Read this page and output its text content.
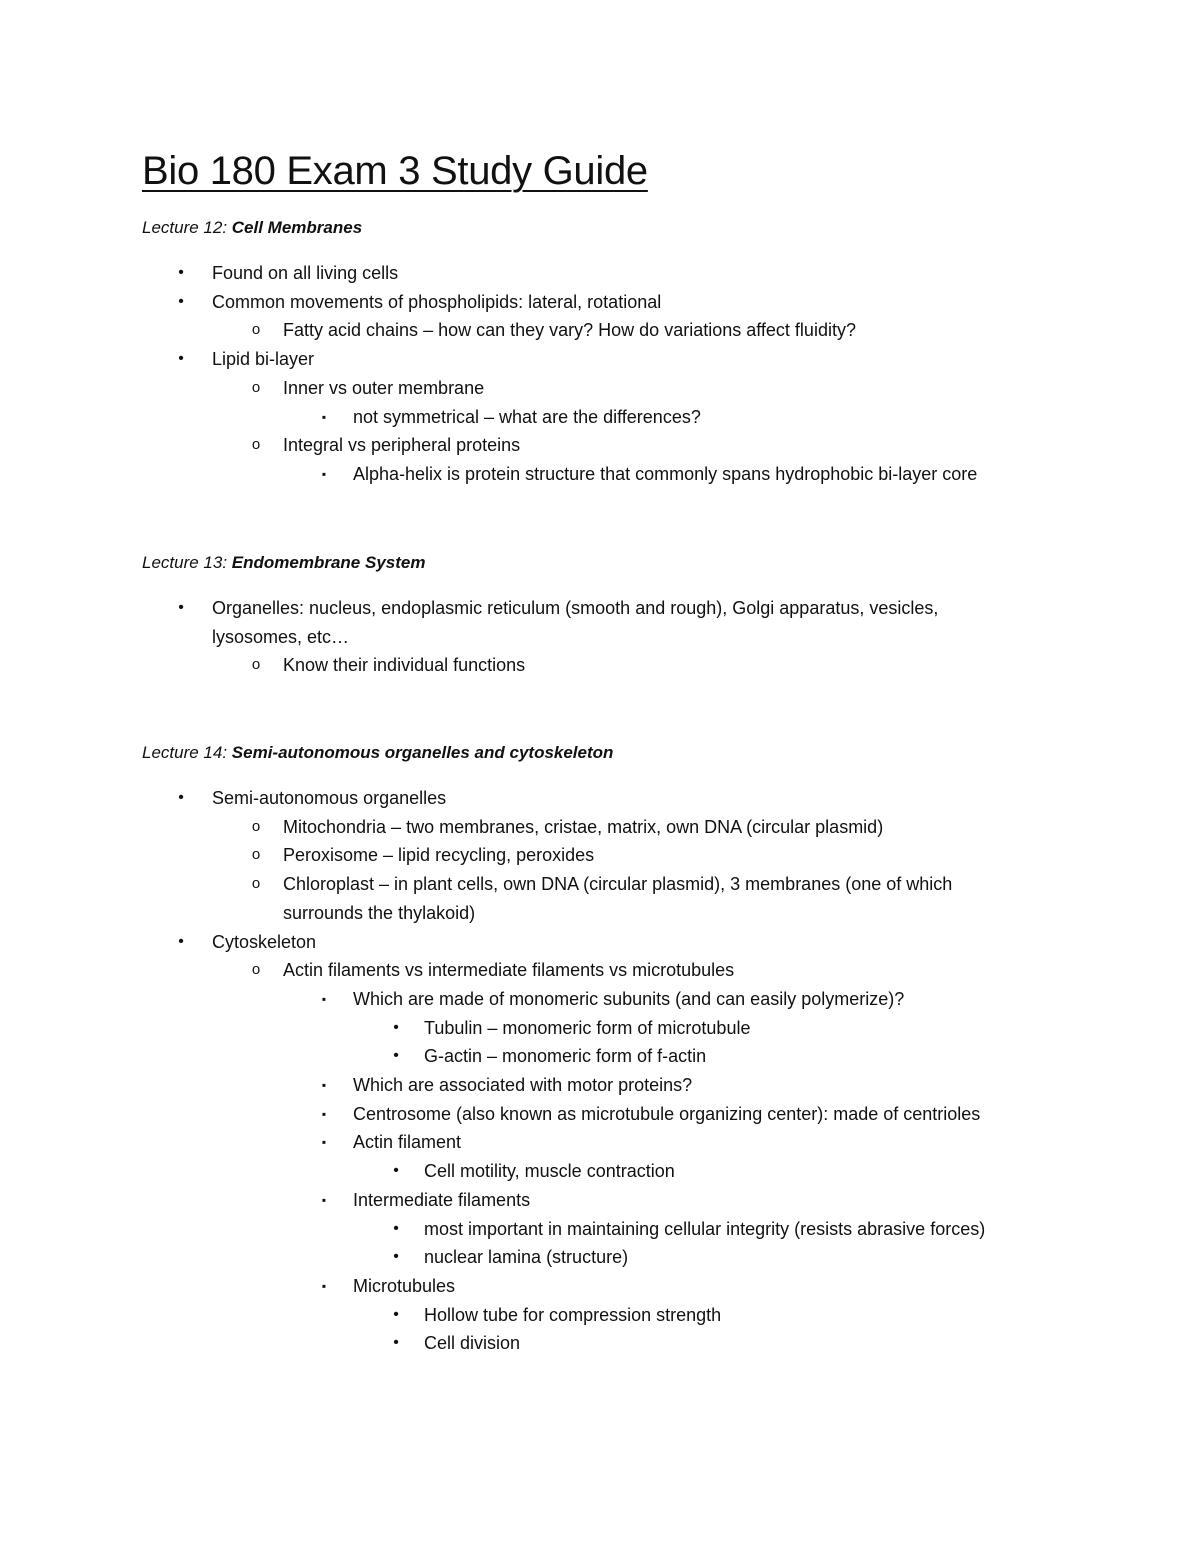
Bio 180 Exam 3 Study Guide
Lecture 12: Cell Membranes
•	Found on all living cells
•	Common movements of phospholipids: lateral, rotational
o	Fatty acid chains – how can they vary? How do variations affect fluidity?
•	Lipid bi-layer
o	Inner vs outer membrane
▪	not symmetrical – what are the differences?
o	Integral vs peripheral proteins
▪	Alpha-helix is protein structure that commonly spans hydrophobic bi-layer core
Lecture 13: Endomembrane System
•	Organelles: nucleus, endoplasmic reticulum (smooth and rough), Golgi apparatus, vesicles,
lysosomes, etc…
o	Know their individual functions
Lecture 14: Semi-autonomous organelles and cytoskeleton
•	Semi-autonomous organelles
o	Mitochondria – two membranes, cristae, matrix, own DNA (circular plasmid)
o	Peroxisome – lipid recycling, peroxides
o	Chloroplast – in plant cells, own DNA (circular plasmid), 3 membranes (one of which
surrounds the thylakoid)
•	Cytoskeleton
o	Actin filaments vs intermediate filaments vs microtubules
▪	Which are made of monomeric subunits (and can easily polymerize)?
•	Tubulin – monomeric form of microtubule
•	G-actin – monomeric form of f-actin
▪	Which are associated with motor proteins?
▪	Centrosome (also known as microtubule organizing center): made of centrioles
▪	Actin filament
•	Cell motility, muscle contraction
▪	Intermediate filaments
•	most important in maintaining cellular integrity (resists abrasive forces)
•	nuclear lamina (structure)
▪	Microtubules
•	Hollow tube for compression strength
•	Cell division
